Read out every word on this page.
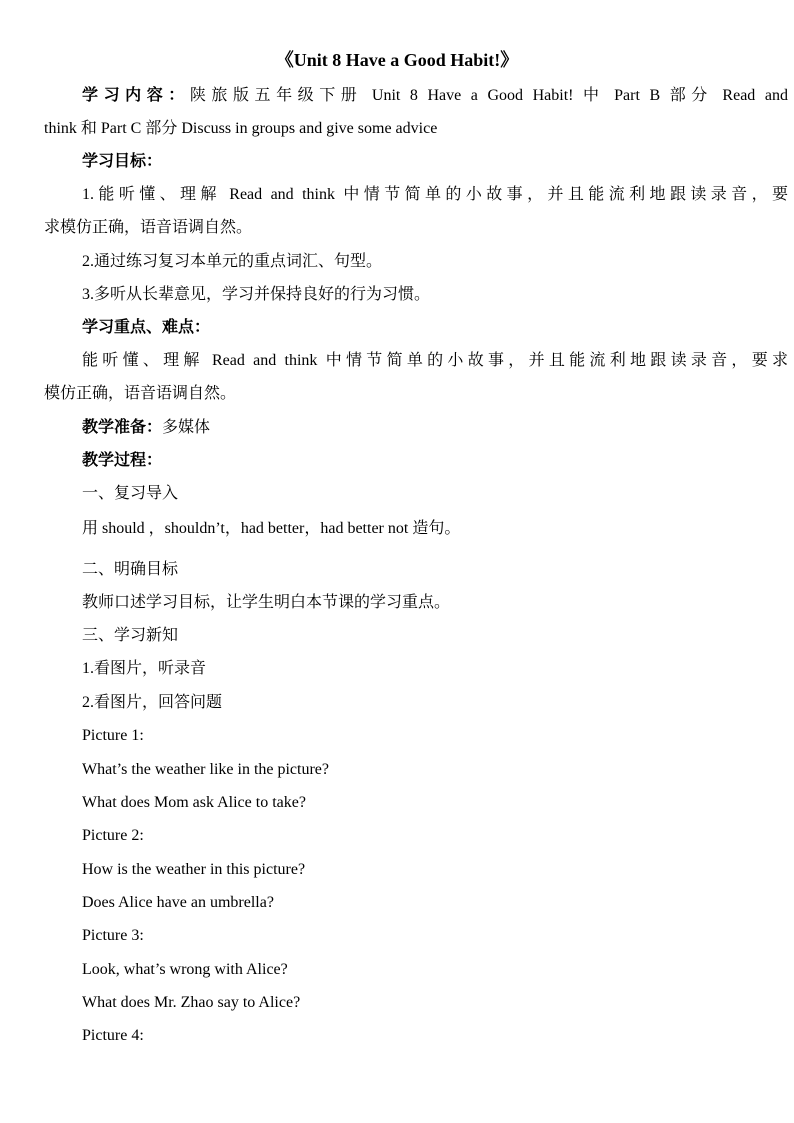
《Unit 8 Have a Good Habit!》
学习内容：陕旅版五年级下册 Unit 8 Have a Good Habit! 中 Part B 部分 Read and
think 和 Part C 部分 Discuss in groups and give some advice
学习目标：
1.能听懂、理解 Read and think 中情节简单的小故事，并且能流利地跟读录音，要
求模仿正确，语音语调自然。
2.通过练习复习本单元的重点词汇、句型。
3.多听从长辈意见，学习并保持良好的行为习惯。
学习重点、难点：
能听懂、理解 Read and think 中情节简单的小故事，并且能流利地跟读录音，要求
模仿正确，语音语调自然。
教学准备：多媒体
教学过程：
一、复习导入
用 should ，shouldn’t，had better，had better not 造句。
二、明确目标
教师口述学习目标，让学生明白本节课的学习重点。
三、学习新知
1.看图片，听录音
2.看图片，回答问题
Picture 1:
What’s the weather like in the picture?
What does Mom ask Alice to take?
Picture 2:
How is the weather in this picture?
Does Alice have an umbrella?
Picture 3:
Look, what’s wrong with Alice?
What does Mr. Zhao say to Alice?
Picture 4:
